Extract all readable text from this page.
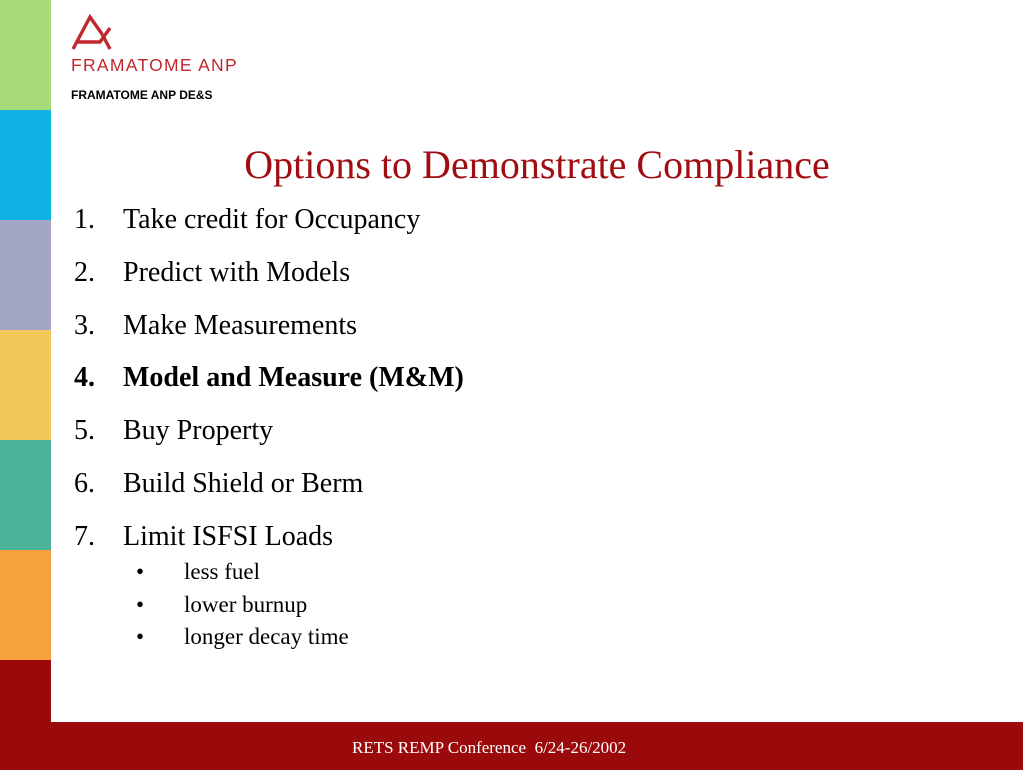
FRAMATOME ANP
FRAMATOME ANP DE&S
Options to Demonstrate Compliance
1. Take credit for Occupancy
2. Predict with Models
3. Make Measurements
4. Model and Measure (M&M)
5. Buy Property
6. Build Shield or Berm
7. Limit ISFSI Loads
• less fuel
• lower burnup
• longer decay time
RETS REMP Conference  6/24-26/2002
